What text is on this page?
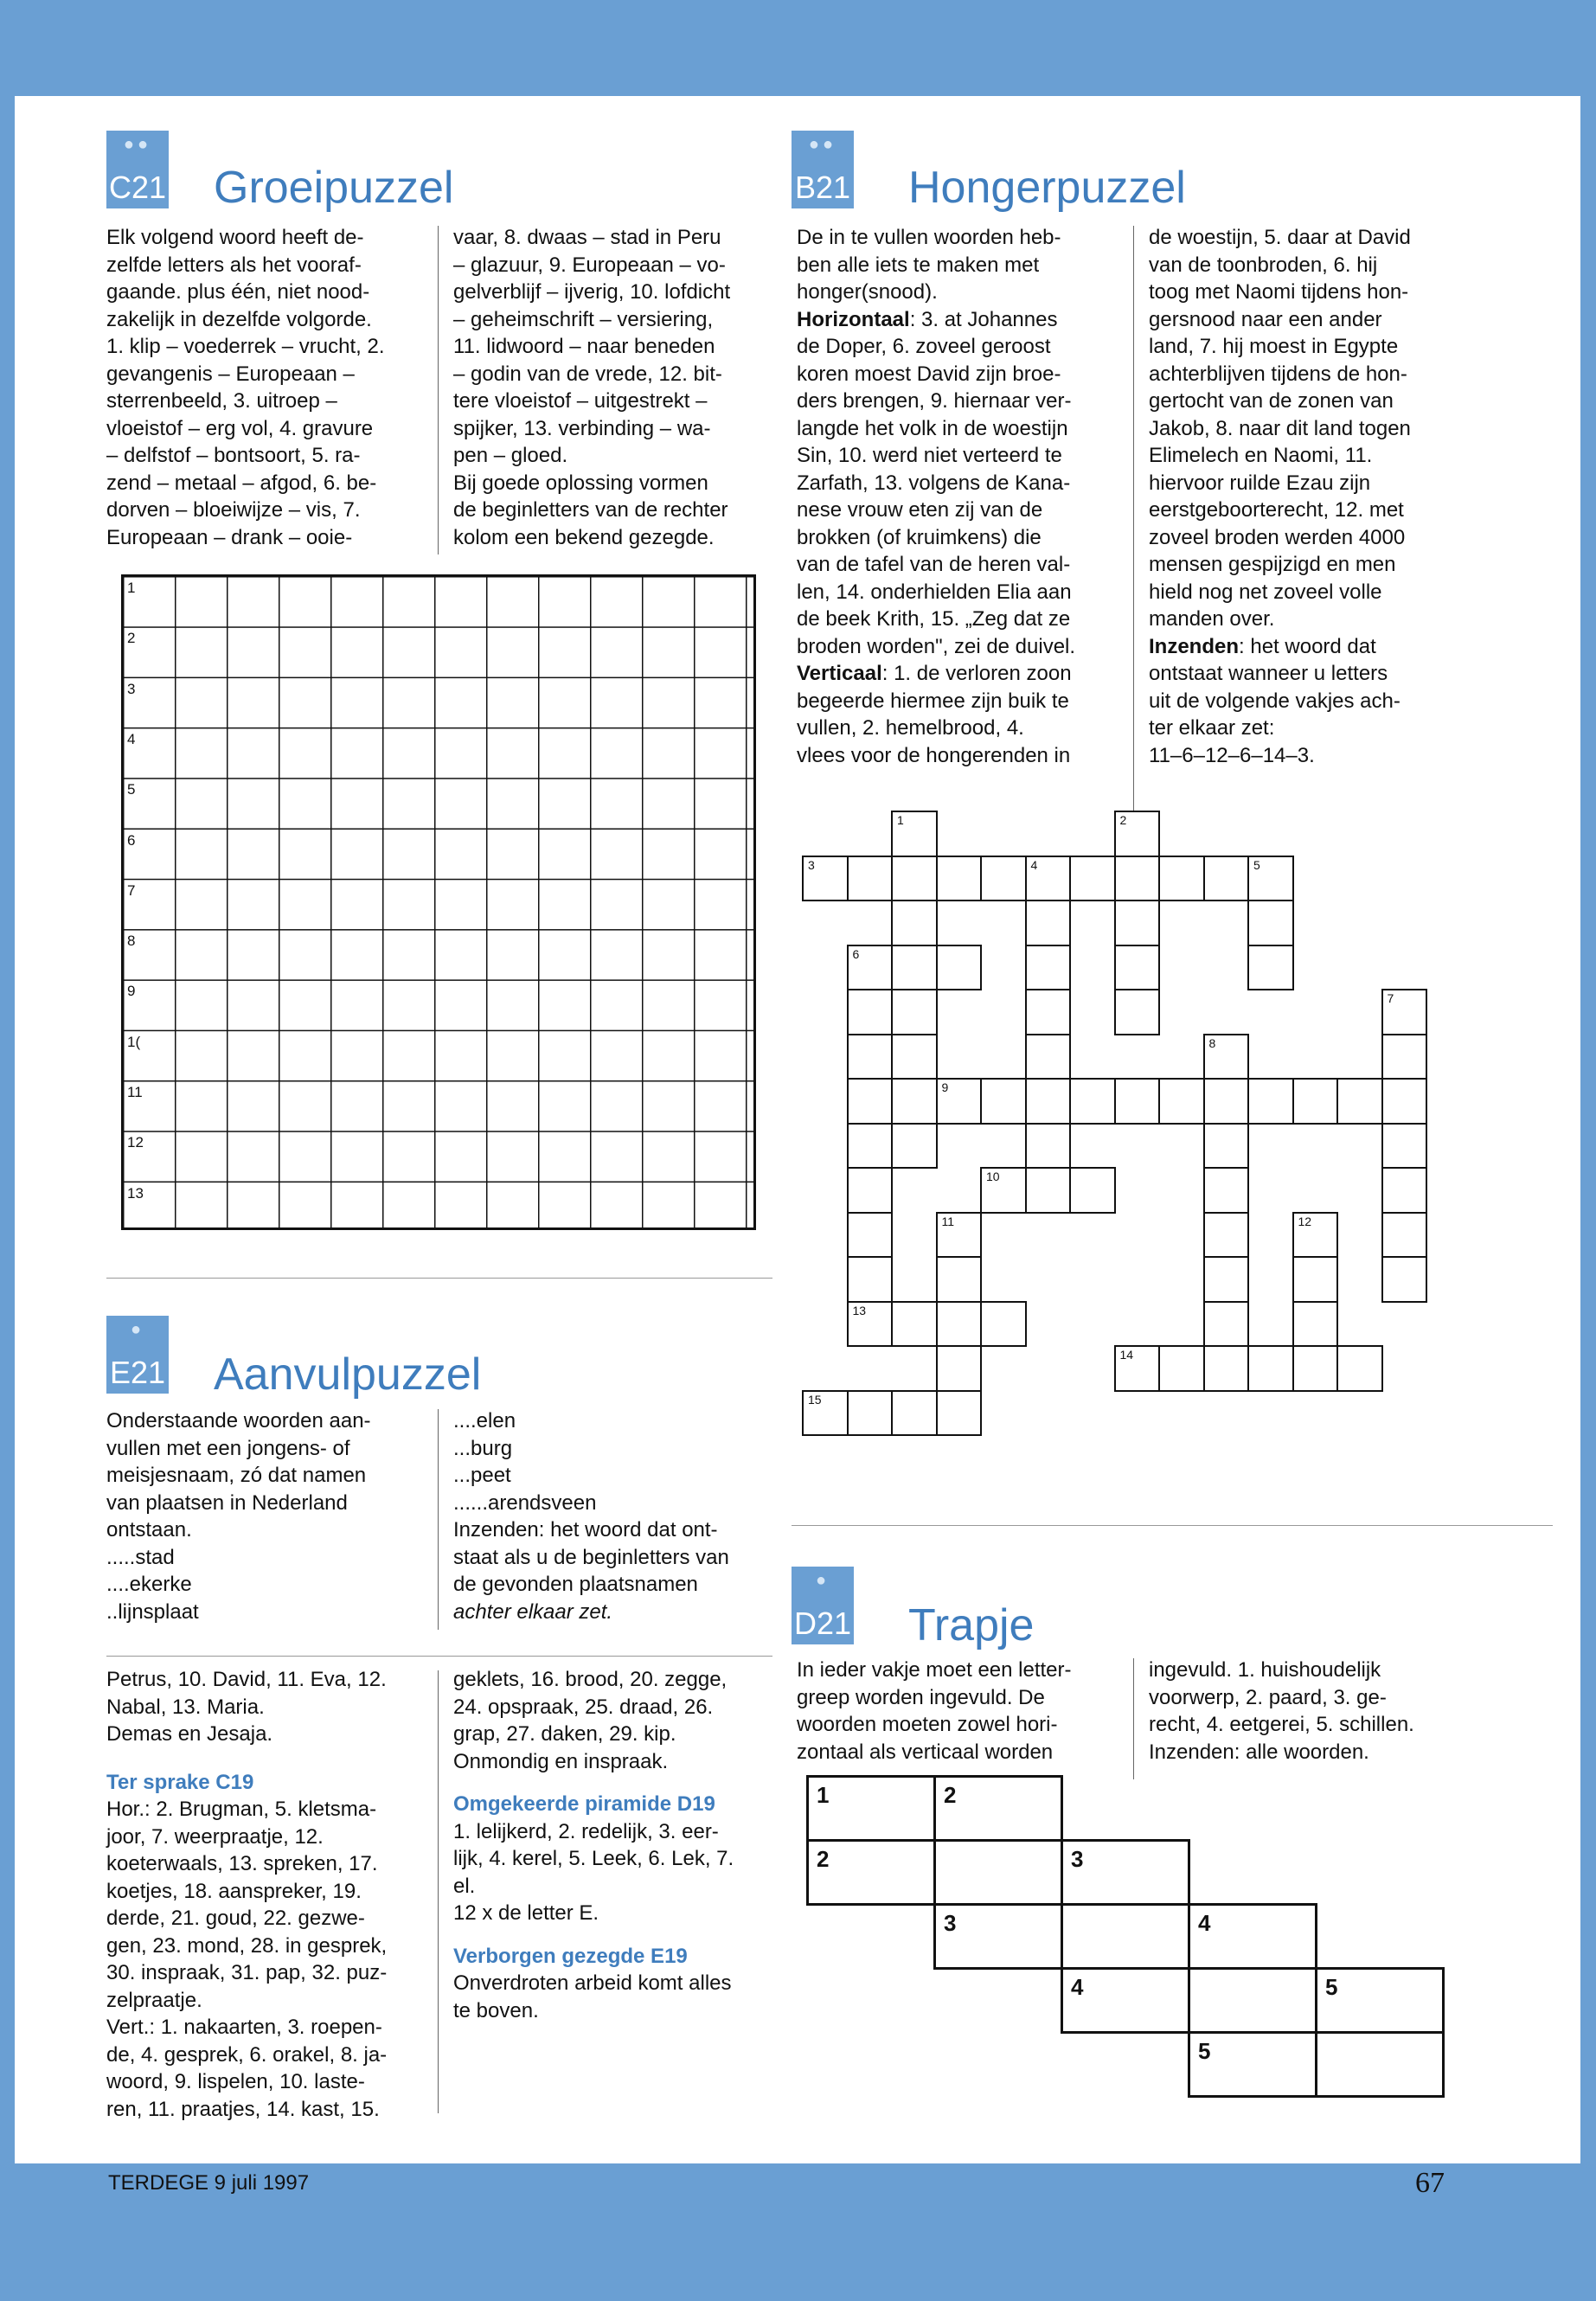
●●
C21 Groeipuzzel

Elk volgend woord heeft de-

zelfde letters als het vooraf-

gaande. plus één, niet nood-

zakelijk in dezelfde volgorde.

1. klip – voederrek – vrucht, 2.

gevangenis – Europeaan –

sterrenbeeld, 3. uitroep –

vloeistof – erg vol, 4. gravure

– delfstof – bontsoort, 5. ra-

zend – metaal – afgod, 6. be-

dorven – bloeiwijze – vis, 7.

Europeaan – drank – ooie-

vaar, 8. dwaas – stad in Peru

– glazuur, 9. Europeaan – vo-

gelverblijf – ijverig, 10. lofdicht

– geheimschrift – versiering,

11. lidwoord – naar beneden

– godin van de vrede, 12. bit-

tere vloeistof – uitgestrekt –

spijker, 13. verbinding – wa-

pen – gloed.

Bij goede oplossing vormen

de beginletters van de rechter

kolom een bekend gezegde.

1
2
3
4
5
6
7
8
9
1(
11
12
13
●
E21 Aanvulpuzzel

Onderstaande woorden aan-

vullen met een jongens- of

meisjesnaam, zó dat namen

van plaatsen in Nederland

ontstaan.

.....stad

....ekerke

..lijnsplaat

....elen

...burg

...peet

......arendsveen

Inzenden: het woord dat ont-

staat als u de beginletters van

de gevonden plaatsnamen

achter elkaar zet.

Petrus, 10. David, 11. Eva, 12.

Nabal, 13. Maria.

Demas en Jesaja.

Ter sprake C19

Hor.: 2. Brugman, 5. kletsma-

joor, 7. weerpraatje, 12.

koeterwaals, 13. spreken, 17.

koetjes, 18. aanspreker, 19.

derde, 21. goud, 22. gezwe-

gen, 23. mond, 28. in gesprek,

30. inspraak, 31. pap, 32. puz-

zelpraatje.

Vert.: 1. nakaarten, 3. roepen-

de, 4. gesprek, 6. orakel, 8. ja-

woord, 9. lispelen, 10. laste-

ren, 11. praatjes, 14. kast, 15.

geklets, 16. brood, 20. zegge,

24. opspraak, 25. draad, 26.

grap, 27. daken, 29. kip.

Onmondig en inspraak.

Omgekeerde piramide D19

1. lelijkerd, 2. redelijk, 3. eer-

lijk, 4. kerel, 5. Leek, 6. Lek, 7.

el.

12 x de letter E.

Verborgen gezegde E19

Onverdroten arbeid komt alles

te boven.

●●
B21 Hongerpuzzel

De in te vullen woorden heb-

ben alle iets te maken met

honger(snood).

Horizontaal: 3. at Johannes

de Doper, 6. zoveel geroost

koren moest David zijn broe-

ders brengen, 9. hiernaar ver-

langde het volk in de woestijn

Sin, 10. werd niet verteerd te

Zarfath, 13. volgens de Kana-

nese vrouw eten zij van de

brokken (of kruimkens) die

van de tafel van de heren val-

len, 14. onderhielden Elia aan

de beek Krith, 15. „Zeg dat ze

broden worden", zei de duivel.

Verticaal: 1. de verloren zoon

begeerde hiermee zijn buik te

vullen, 2. hemelbrood, 4.

vlees voor de hongerenden in

de woestijn, 5. daar at David

van de toonbroden, 6. hij

toog met Naomi tijdens hon-

gersnood naar een ander

land, 7. hij moest in Egypte

achterblijven tijdens de hon-

gertocht van de zonen van

Jakob, 8. naar dit land togen

Elimelech en Naomi, 11.

hiervoor ruilde Ezau zijn

eerstgeboorterecht, 12. met

zoveel broden werden 4000

mensen gespijzigd en men

hield nog net zoveel volle

manden over.

Inzenden: het woord dat

ontstaat wanneer u letters

uit de volgende vakjes ach-

ter elkaar zet:

11–6–12–6–14–3.

3	4	5
1	2
6
7
8
9
10
11	12
13
14
15
●
D21 Trapje

In ieder vakje moet een letter-

greep worden ingevuld. De

woorden moeten zowel hori-

zontaal als verticaal worden

ingevuld. 1. huishoudelijk

voorwerp, 2. paard, 3. ge-

recht, 4. eetgerei, 5. schillen.

Inzenden: alle woorden.

1	2
2	3
3	4
4	5
5
TERDEGE 9 juli 1997	67
